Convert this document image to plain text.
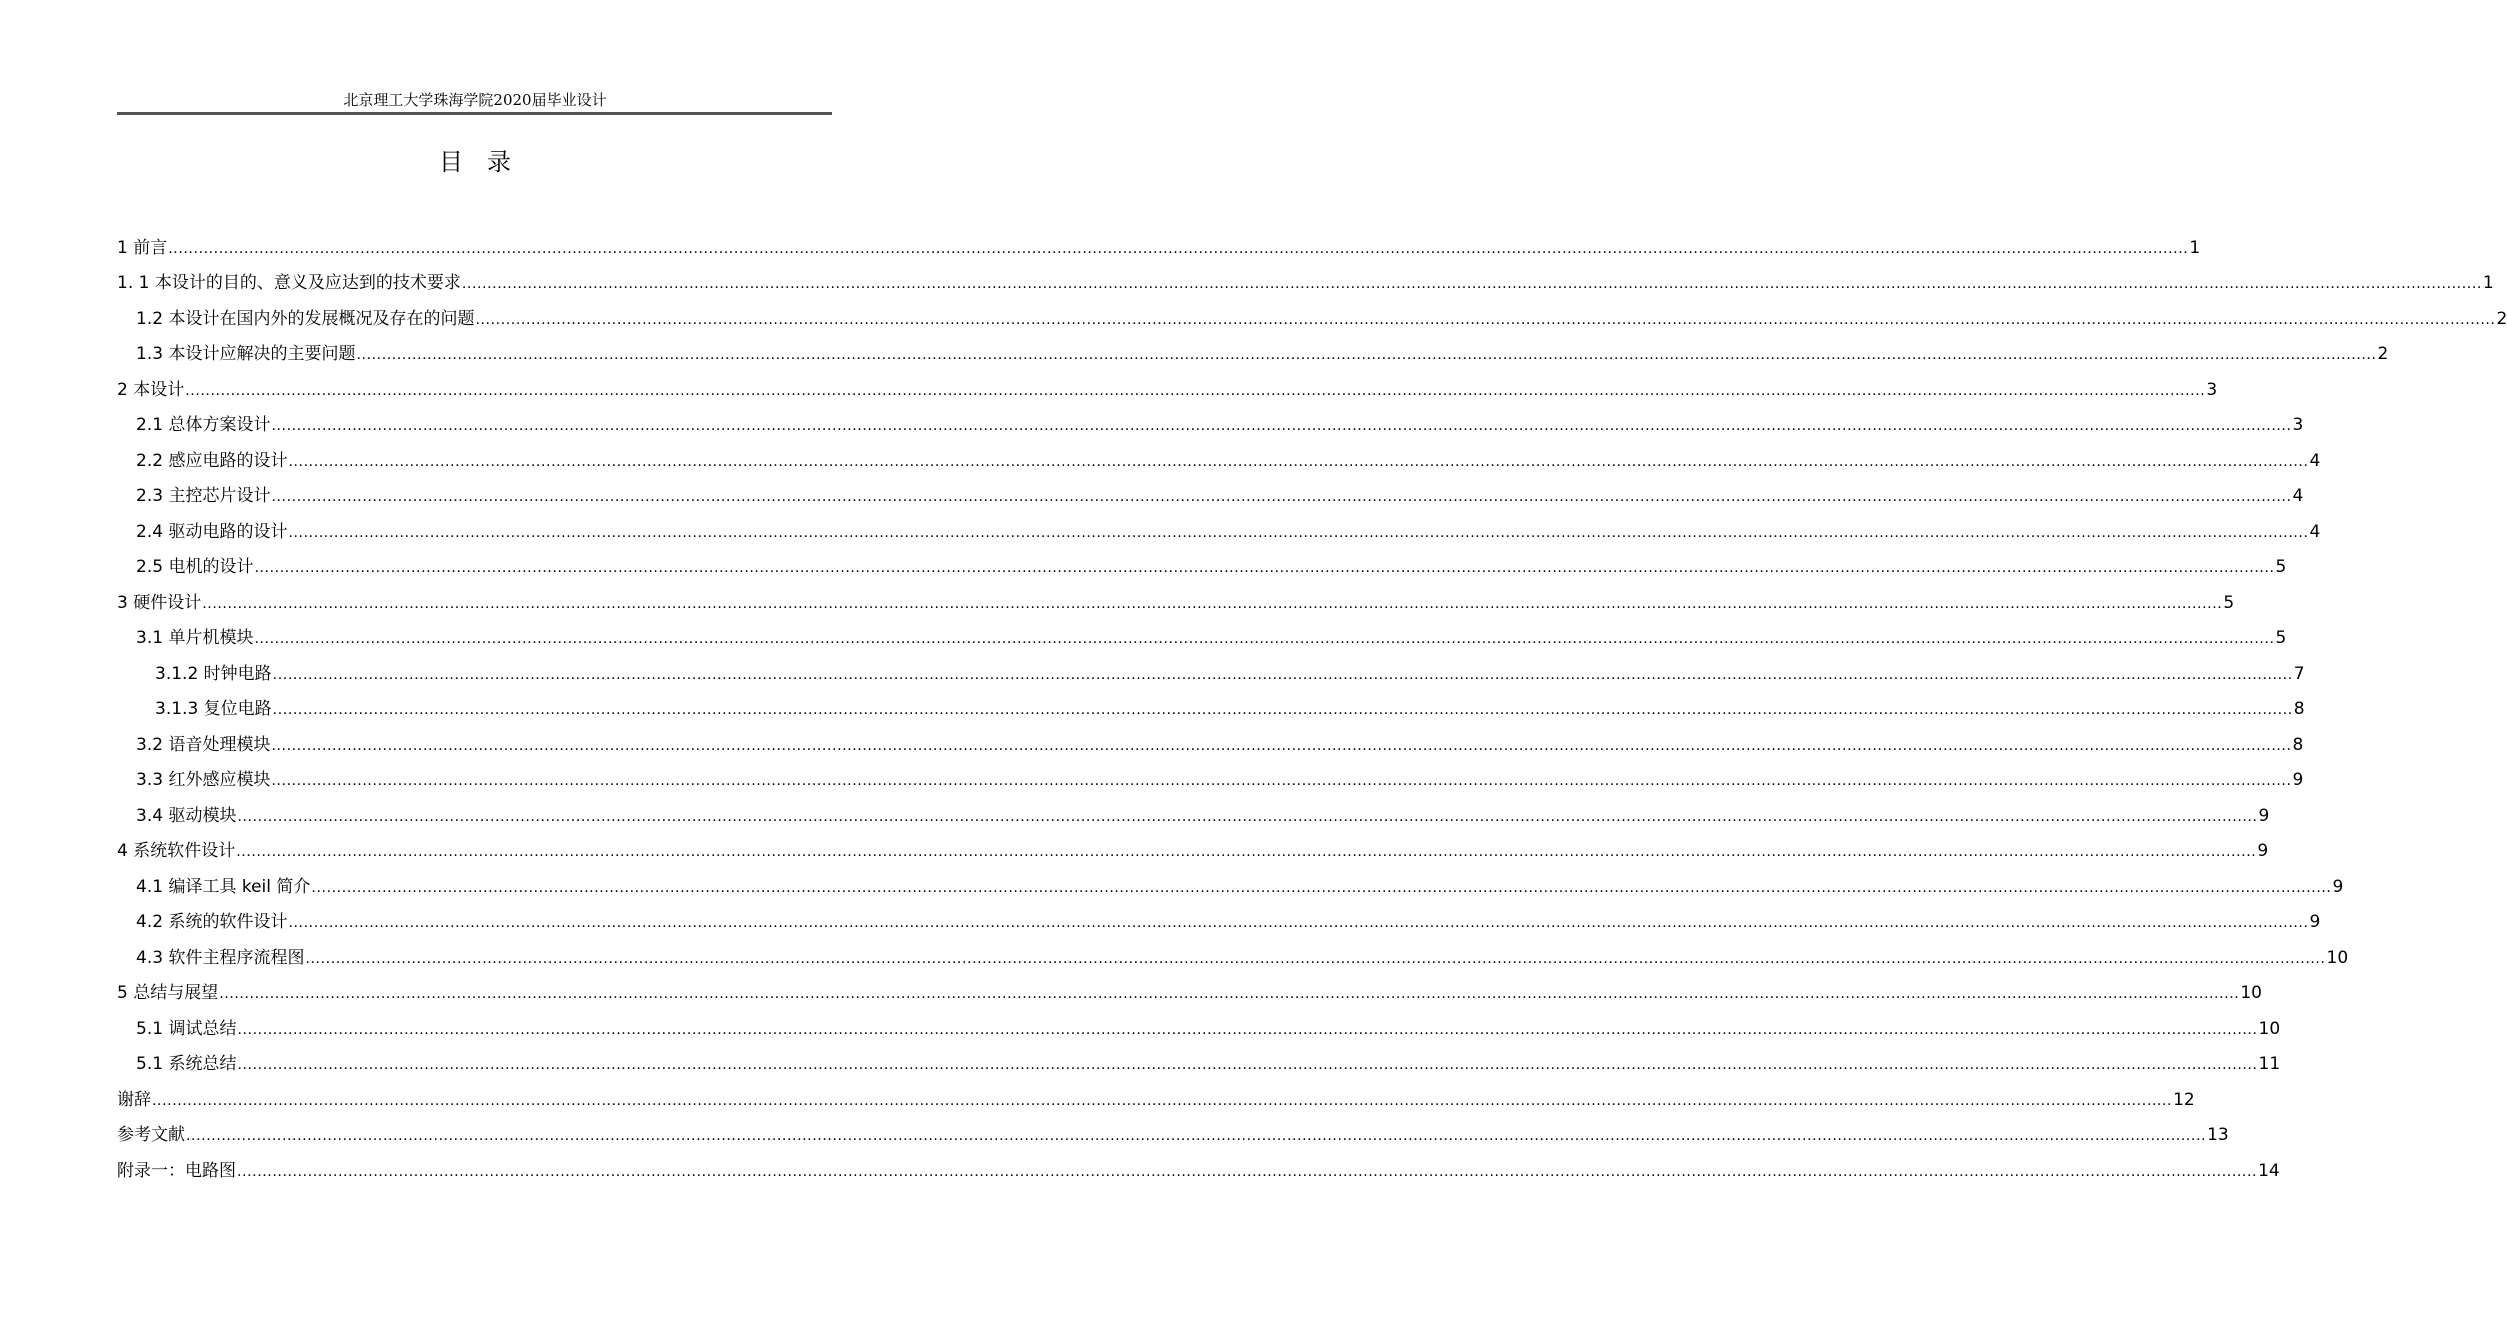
北京理工大学珠海学院2020届毕业设计
目　录
1 前言 ................................................................................................................................................................................................................................................................................................................................................................................................................ 1
1. 1 本设计的目的、意义及应达到的技术要求 ................................................................................................................................................................................................................................................................................................................................................................................................................ 1
1.2 本设计在国内外的发展概况及存在的问题 ................................................................................................................................................................................................................................................................................................................................................................................................................ 2
1.3 本设计应解决的主要问题 ................................................................................................................................................................................................................................................................................................................................................................................................................ 2
2 本设计 ................................................................................................................................................................................................................................................................................................................................................................................................................ 3
2.1 总体方案设计 ................................................................................................................................................................................................................................................................................................................................................................................................................ 3
2.2 感应电路的设计 ................................................................................................................................................................................................................................................................................................................................................................................................................ 4
2.3 主控芯片设计 ................................................................................................................................................................................................................................................................................................................................................................................................................ 4
2.4 驱动电路的设计 ................................................................................................................................................................................................................................................................................................................................................................................................................ 4
2.5 电机的设计 ................................................................................................................................................................................................................................................................................................................................................................................................................ 5
3 硬件设计 ................................................................................................................................................................................................................................................................................................................................................................................................................ 5
3.1 单片机模块 ................................................................................................................................................................................................................................................................................................................................................................................................................ 5
3.1.2 时钟电路 ................................................................................................................................................................................................................................................................................................................................................................................................................ 7
3.1.3 复位电路 ................................................................................................................................................................................................................................................................................................................................................................................................................ 8
3.2 语音处理模块 ................................................................................................................................................................................................................................................................................................................................................................................................................ 8
3.3 红外感应模块 ................................................................................................................................................................................................................................................................................................................................................................................................................ 9
3.4 驱动模块 ................................................................................................................................................................................................................................................................................................................................................................................................................ 9
4 系统软件设计 ................................................................................................................................................................................................................................................................................................................................................................................................................ 9
4.1 编译工具 keil 简介 ................................................................................................................................................................................................................................................................................................................................................................................................................ 9
4.2 系统的软件设计 ................................................................................................................................................................................................................................................................................................................................................................................................................ 9
4.3 软件主程序流程图 ................................................................................................................................................................................................................................................................................................................................................................................................................ 10
5 总结与展望 ................................................................................................................................................................................................................................................................................................................................................................................................................ 10
5.1 调试总结 ................................................................................................................................................................................................................................................................................................................................................................................................................ 10
5.1 系统总结 ................................................................................................................................................................................................................................................................................................................................................................................................................ 11
谢辞 ................................................................................................................................................................................................................................................................................................................................................................................................................ 12
参考文献 ................................................................................................................................................................................................................................................................................................................................................................................................................ 13
附录一：电路图 ................................................................................................................................................................................................................................................................................................................................................................................................................ 14
